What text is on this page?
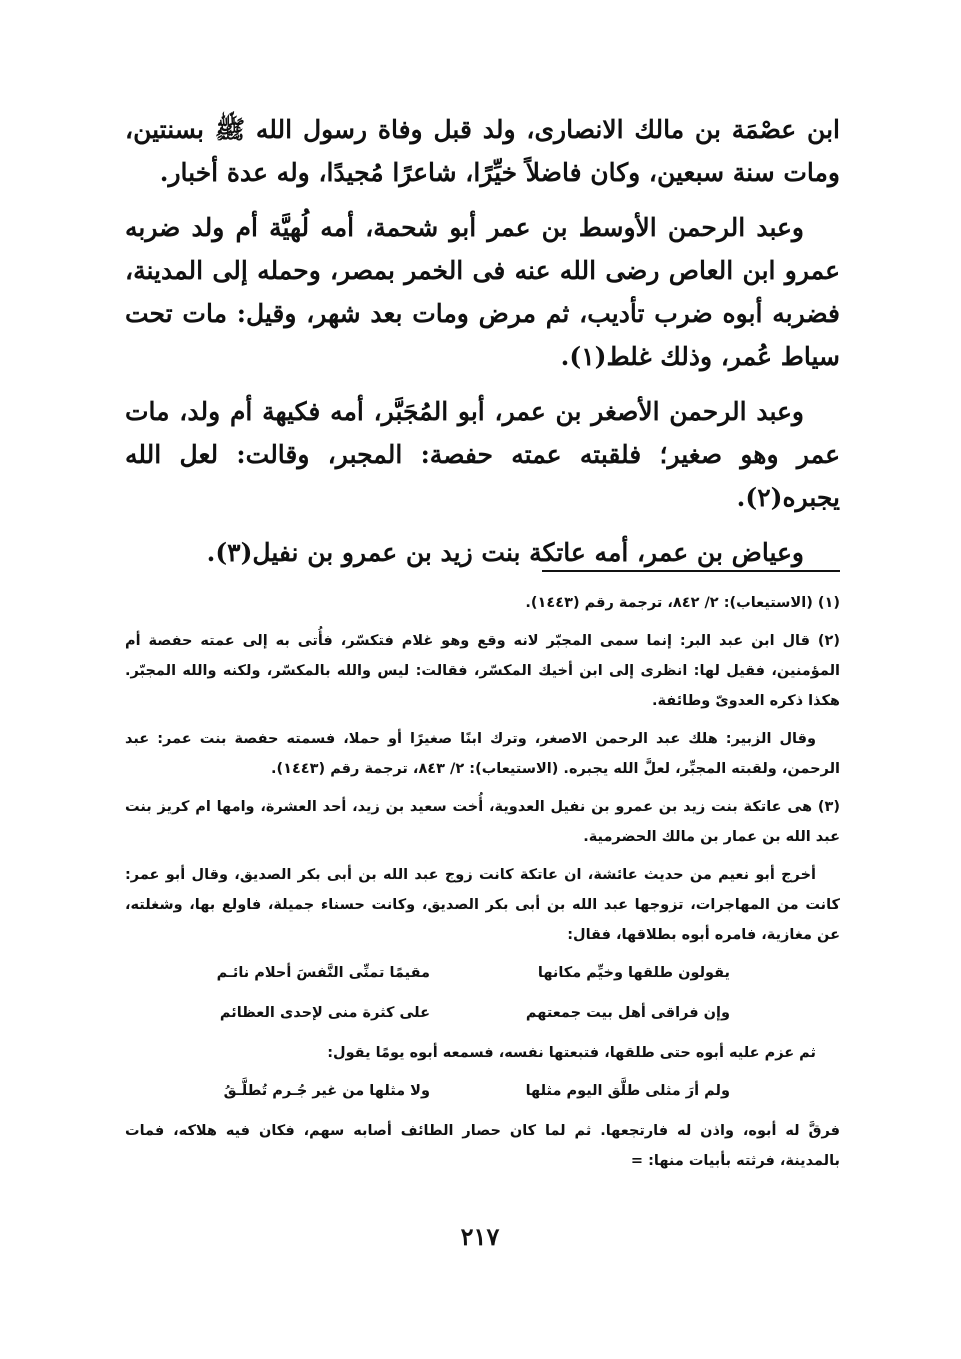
ابن عصْمَة بن مالك الانصارى، ولد قبل وفاة رسول الله ﷺ بسنتين، ومات سنة سبعين، وكان فاضلاً خيِّرًا، شاعرًا مُجيدًا، وله عدة أخبار.

وعبد الرحمن الأوسط بن عمر أبو شحمة، أمه لُهيَّة أم ولد ضربه عمرو ابن العاص رضى الله عنه فى الخمر بمصر، وحمله إلى المدينة، فضربه أبوه ضرب تأديب، ثم مرض ومات بعد شهر، وقيل: مات تحت سياط عُمر، وذلك غلط(١).

وعبد الرحمن الأصغر بن عمر، أبو المُجَبَّر، أمه فكيهة أم ولد، مات عمر وهو صغير؛ فلقبته عمته حفصة: المجبر، وقالت: لعل الله يجبره(٢).

وعياض بن عمر، أمه عاتكة بنت زيد بن عمرو بن نفيل(٣).

(١) (الاستيعاب): ٢/ ٨٤٢، ترجمة رقم (١٤٤٣).

(٢) قال ابن عبد البر: إنما سمى المجبّر لانه وقع وهو غلام فتكسّر، فأُتى به إلى عمته حفصة أم المؤمنين، فقيل لها: انظرى إلى ابن أخيك المكسّر، فقالت: ليس والله بالمكسّر، ولكنه والله المجبّر. هكذا ذكره العدوىّ وطائفة.

وقال الزبير: هلك عبد الرحمن الاصغر، وترك ابنًا صغيرًا أو حملا، فسمته حفصة بنت عمر: عبد الرحمن، ولقبته المجبِّر، لعلَّ الله يجبره. (الاستيعاب): ٢/ ٨٤٣، ترجمة رقم (١٤٤٣).

(٣) هى عاتكة بنت زيد بن عمرو بن نفيل العدوية، أُخت سعيد بن زيد، أحد العشرة، وامها ام كريز بنت عبد الله بن عمار بن مالك الحضرمية.

أخرج أبو نعيم من حديث عائشة، ان عاتكة كانت زوج عبد الله بن أبى بكر الصديق، وقال أبو عمر: كانت من المهاجرات، تزوجها عبد الله بن أبى بكر الصديق، وكانت حسناء جميلة، فاولع بها، وشغلته، عن مغازية، فامره أبوه بطلاقها، فقال:

يقولون طلقها وخيِّم مكانها
مقيمًا تمنِّى النَّفسَ أحلام نائـم
وإن فراقى أهل بيت جمعتهم
على كثرة منى لإحدى العظائم

ثم عزم عليه أبوه حتى طلقها، فتبعتها نفسه، فسمعه أبوه يومًا يقول:

ولم أرَ مثلى طلَّق اليوم مثلها
ولا مثلها من غير جُـرم تُطلَّـقُ

فرقَّ له أبوه، واذن له فارتجعها. ثم لما كان حصار الطائف أصابه سهم، فكان فيه هلاكه، فمات بالمدينة، فرثته بأبيات منها: =

٢١٧
